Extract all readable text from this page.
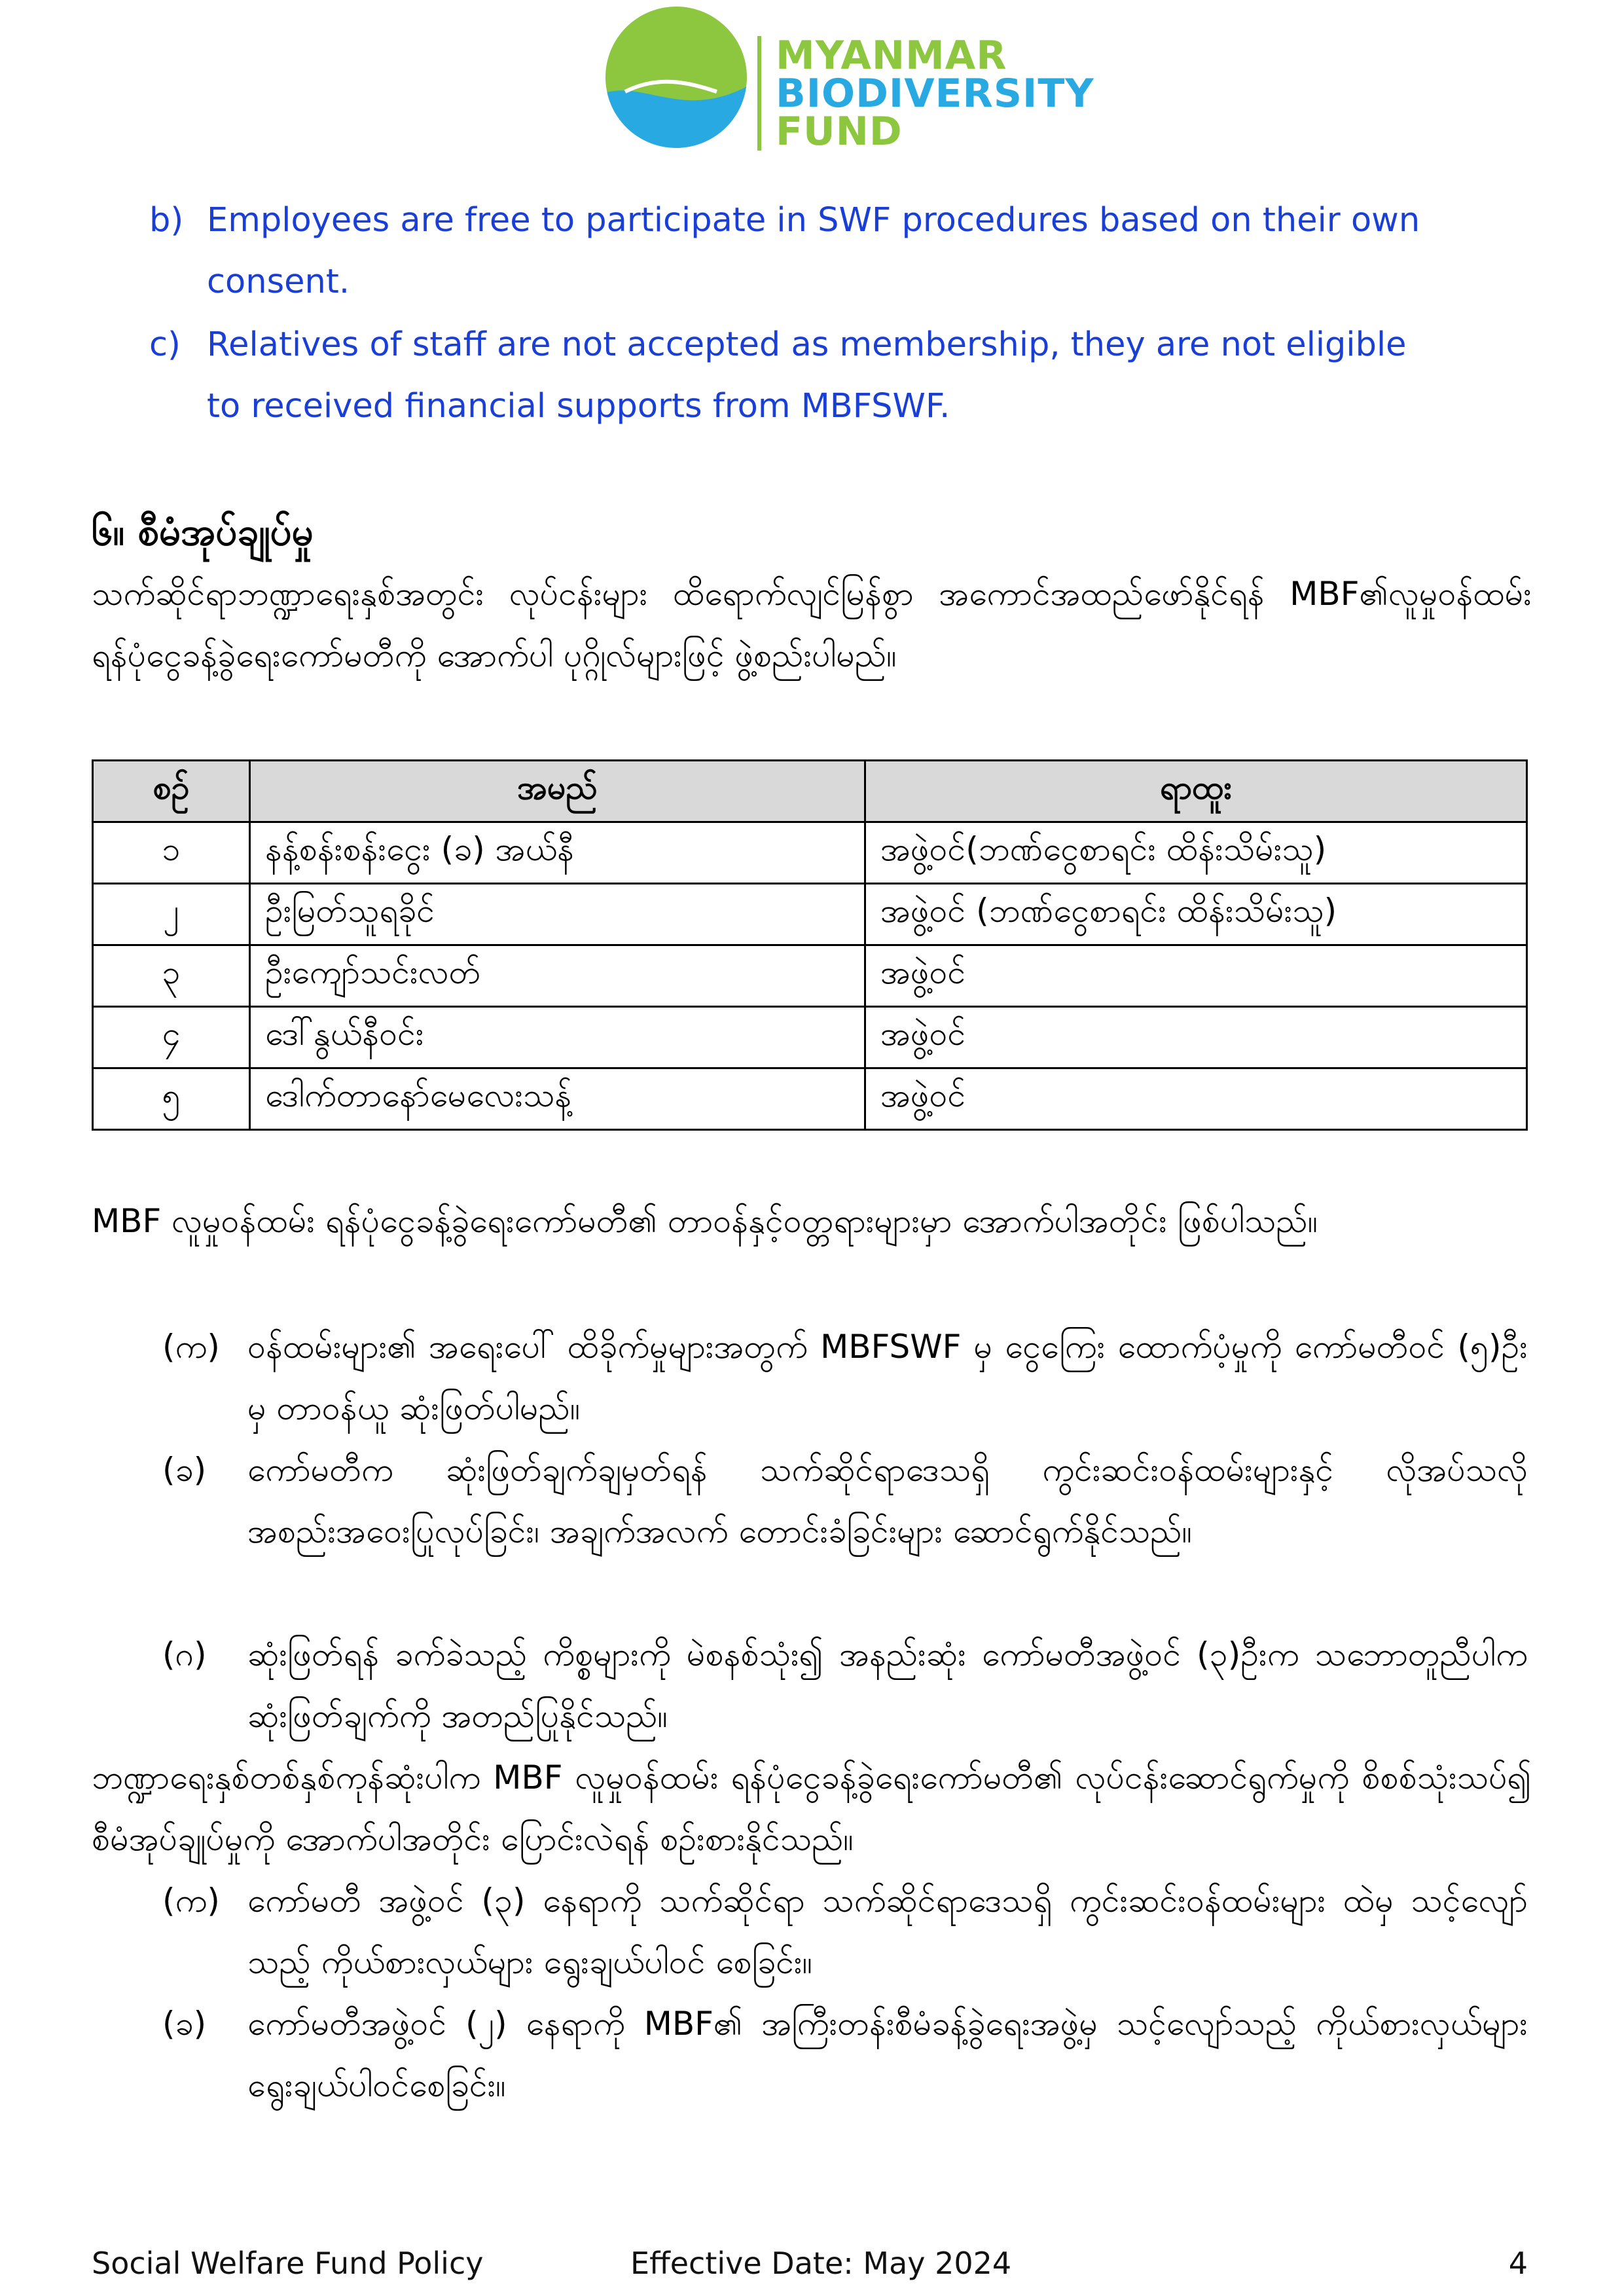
MYANMAR
BIODIVERSITY
FUND
b) Employees are free to participate in SWF procedures based on their own consent.
c) Relatives of staff are not accepted as membership, they are not eligible to received financial supports from MBFSWF.
၆။ စီမံအုပ်ချုပ်မှု
သက်ဆိုင်ရာဘဏ္ဍာရေးနှစ်အတွင်း လုပ်ငန်းများ ထိရောက်လျင်မြန်စွာ အကောင်အထည်ဖော်နိုင်ရန် MBF၏လူမှုဝန်ထမ်း ရန်ပုံငွေခန့်ခွဲရေးကော်မတီကို အောက်ပါ ပုဂ္ဂိုလ်များဖြင့် ဖွဲ့စည်းပါမည်။
စဥ်	အမည်	ရာထူး
၁	နန့်စန်းစန်းငွေး (ခ) အယ်နီ	အဖွဲ့ဝင်(ဘဏ်ငွေစာရင်း ထိန်းသိမ်းသူ)
၂	ဦးမြတ်သူရခိုင်	အဖွဲ့ဝင် (ဘဏ်ငွေစာရင်း ထိန်းသိမ်းသူ)
၃	ဦးကျော်သင်းလတ်	အဖွဲ့ဝင်
၄	ဒေါ်နွယ်နီဝင်း	အဖွဲ့ဝင်
၅	ဒေါက်တာနော်မေလေးသန့်	အဖွဲ့ဝင်
MBF လူမှုဝန်ထမ်း ရန်ပုံငွေခန့်ခွဲရေးကော်မတီ၏ တာဝန်နှင့်ဝတ္တရားများမှာ အောက်ပါအတိုင်း ဖြစ်ပါသည်။
(က) ဝန်ထမ်းများ၏ အရေးပေါ် ထိခိုက်မှုများအတွက် MBFSWF မှ ငွေကြေး ထောက်ပံ့မှုကို ကော်မတီဝင် (၅)ဦးမှ တာဝန်ယူ ဆုံးဖြတ်ပါမည်။
(ခ) ကော်မတီက ဆုံးဖြတ်ချက်ချမှတ်ရန် သက်ဆိုင်ရာဒေသရှိ ကွင်းဆင်းဝန်ထမ်းများနှင့် လိုအပ်သလို အစည်းအဝေးပြုလုပ်ခြင်း၊ အချက်အလက် တောင်းခံခြင်းများ ဆောင်ရွက်နိုင်သည်။
(ဂ) ဆုံးဖြတ်ရန် ခက်ခဲသည့် ကိစ္စများကို မဲစနစ်သုံး၍ အနည်းဆုံး ကော်မတီအဖွဲ့ဝင် (၃)ဦးက သဘောတူညီပါက ဆုံးဖြတ်ချက်ကို အတည်ပြုနိုင်သည်။
ဘဏ္ဍာရေးနှစ်တစ်နှစ်ကုန်ဆုံးပါက MBF လူမှုဝန်ထမ်း ရန်ပုံငွေခန့်ခွဲရေးကော်မတီ၏ လုပ်ငန်းဆောင်ရွက်မှုကို စိစစ်သုံးသပ်၍ စီမံအုပ်ချုပ်မှုကို အောက်ပါအတိုင်း ပြောင်းလဲရန် စဉ်းစားနိုင်သည်။
(က) ကော်မတီ အဖွဲ့ဝင် (၃) နေရာကို သက်ဆိုင်ရာ သက်ဆိုင်ရာဒေသရှိ ကွင်းဆင်းဝန်ထမ်းများ ထဲမှ သင့်လျော်သည့် ကိုယ်စားလှယ်များ ရွေးချယ်ပါဝင် စေခြင်း။
(ခ) ကော်မတီအဖွဲ့ဝင် (၂) နေရာကို MBF၏ အကြီးတန်းစီမံခန့်ခွဲရေးအဖွဲ့မှ သင့်လျော်သည့် ကိုယ်စားလှယ်များ ရွေးချယ်ပါဝင်စေခြင်း။
Social Welfare Fund Policy	Effective Date: May 2024	4
